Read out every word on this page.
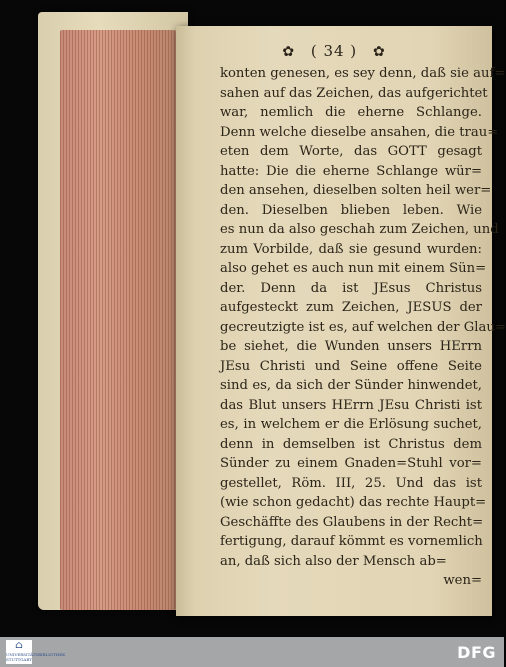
✿ ( 34 ) ✿
konten genesen, es sey denn, daß sie auf=
sahen auf das Zeichen, das aufgerichtet
war, nemlich die eherne Schlange.
Denn welche dieselbe ansahen, die trau=
eten dem Worte, das GOTT gesagt
hatte: Die die eherne Schlange wür=
den ansehen, dieselben solten heil wer=
den. Dieselben blieben leben. Wie
es nun da also geschah zum Zeichen, und
zum Vorbilde, daß sie gesund wurden:
also gehet es auch nun mit einem Sün=
der. Denn da ist JEsus Christus
aufgesteckt zum Zeichen, JESUS der
gecreutzigte ist es, auf welchen der Glau=
be siehet, die Wunden unsers HErrn
JEsu Christi und Seine offene Seite
sind es, da sich der Sünder hinwendet,
das Blut unsers HErrn JEsu Christi ist
es, in welchem er die Erlösung suchet,
denn in demselben ist Christus dem
Sünder zu einem Gnaden=Stuhl vor=
gestellet, Röm. III, 25. Und das ist
(wie schon gedacht) das rechte Haupt=
Geschäffte des Glaubens in der Recht=
fertigung, darauf kömmt es vornemlich
an, daß sich also der Mensch ab=
wen=
⌂
UNIVERSITÄTSBIBLIOTHEK STUTTGART	DFG
